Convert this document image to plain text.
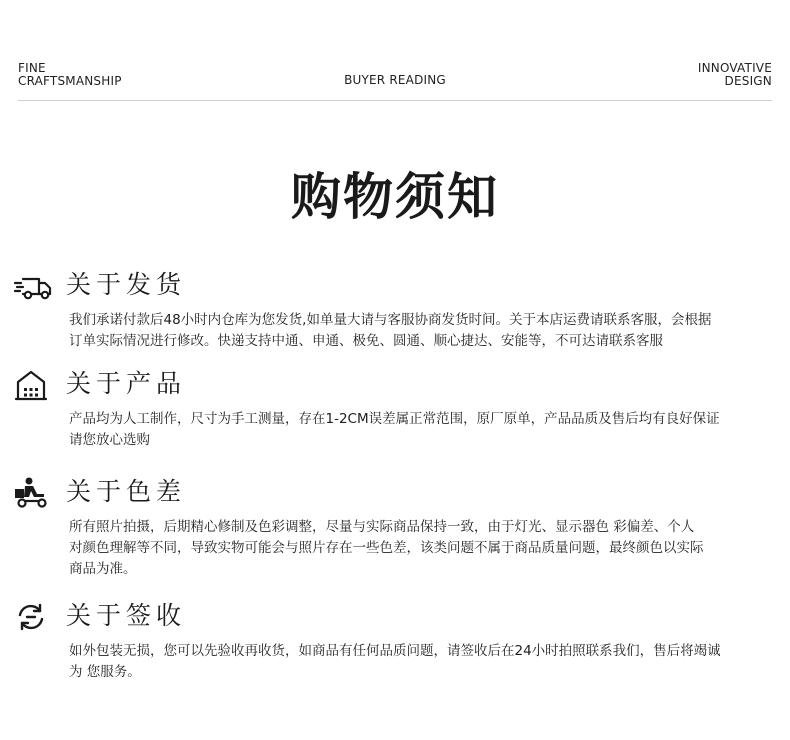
FINE
CRAFTSMANSHIP	BUYER READING
INNOVATIVE
DESIGN
购物须知
关于发货
我们承诺付款后48小时内仓库为您发货,如单量大请与客服协商发货时间。关于本店运费请联系客服，会根据
订单实际情况进行修改。快递支持中通、申通、极免、圆通、顺心捷达、安能等，不可达请联系客服
关于产品
产品均为人工制作，尺寸为手工测量，存在1-2CM误差属正常范围，原厂原单，产品品质及售后均有良好保证
请您放心选购
关于色差
所有照片拍摄，后期精心修制及色彩调整，尽量与实际商品保持一致，由于灯光、显示器色 彩偏差、个人
对颜色理解等不同，导致实物可能会与照片存在一些色差，该类问题不属于商品质量问题，最终颜色以实际
商品为准。
关于签收
如外包装无损，您可以先验收再收货，如商品有任何品质问题，请签收后在24小时拍照联系我们，售后将竭诚
为 您服务。
